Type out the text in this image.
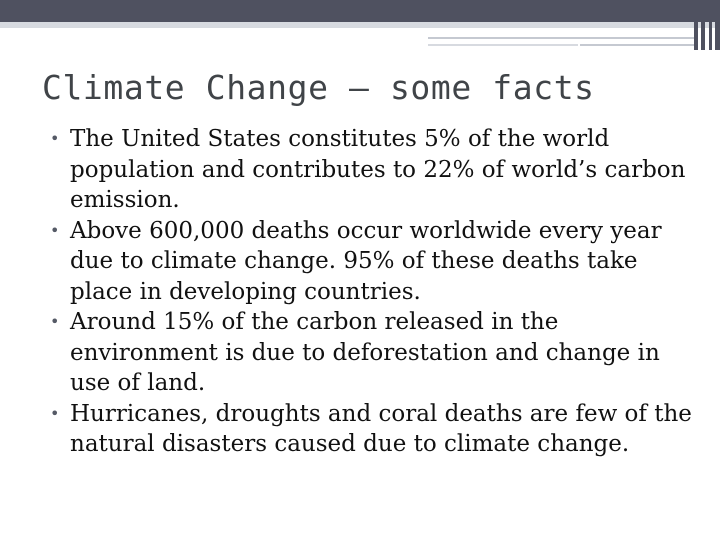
Climate Change – some facts
• The United States constitutes 5% of the world population and contributes to 22% of world’s carbon emission.
• Above 600,000 deaths occur worldwide every year due to climate change. 95% of these deaths take place in developing countries.
• Around 15% of the carbon released in the environment is due to deforestation and change in use of land.
• Hurricanes, droughts and coral deaths are few of the natural disasters caused due to climate change.
